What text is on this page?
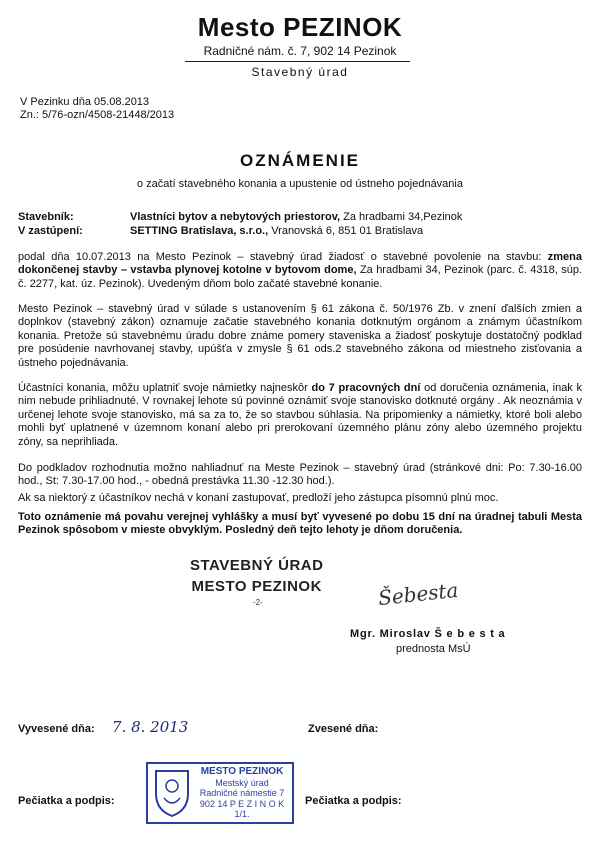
Mesto PEZINOK
Radničné nám. č. 7, 902 14 Pezinok
Stavebný úrad
V Pezinku dňa 05.08.2013
Zn.: 5/76-ozn/4508-21448/2013
OZNÁMENIE
o začatí stavebného konania a upustenie od ústneho pojednávania
Stavebník:	Vlastníci bytov a nebytových priestorov, Za hradbami 34,Pezinok
V zastúpení:	SETTING Bratislava, s.r.o., Vranovská 6, 851 01 Bratislava
podal dňa 10.07.2013 na Mesto Pezinok – stavebný úrad žiadosť o stavebné povolenie na stavbu: zmena dokončenej stavby – vstavba plynovej kotolne v bytovom dome, Za hradbami 34, Pezinok (parc. č. 4318, súp. č. 2277, kat. úz. Pezinok). Uvedeným dňom bolo začaté stavebné konanie.
Mesto Pezinok – stavebný úrad v súlade s ustanovením § 61 zákona č. 50/1976 Zb. v znení ďalších zmien a doplnkov (stavebný zákon) oznamuje začatie stavebného konania dotknutým orgánom a známym účastníkom konania. Pretože sú stavebnému úradu dobre známe pomery staveniska a žiadosť poskytuje dostatočný podklad pre posúdenie navrhovanej stavby, upúšťa v zmysle § 61 ods.2 stavebného zákona od miestneho zisťovania a ústneho pojednávania.
Účastníci konania, môžu uplatniť svoje námietky najneskôr do 7 pracovných dní od doručenia oznámenia, inak k nim nebude prihliadnuté. V rovnakej lehote sú povinné oznámiť svoje stanovisko dotknuté orgány . Ak neoznámia v určenej lehote svoje stanovisko, má sa za to, že so stavbou súhlasia. Na pripomienky a námietky, ktoré boli alebo mohli byť uplatnené v územnom konaní alebo pri prerokovaní územného plánu zóny alebo územného projektu zóny, sa neprihliada.
Do podkladov rozhodnutia možno nahliadnuť na Meste Pezinok – stavebný úrad (stránkové dni: Po: 7.30-16.00 hod., St: 7.30-17.00 hod., - obedná prestávka 11.30 -12.30 hod.).
Ak sa niektorý z účastníkov nechá v konaní zastupovať, predloží jeho zástupca písomnú plnú moc.
Toto oznámenie má povahu verejnej vyhlášky a musí byť vyvesené po dobu 15 dní na úradnej tabuli Mesta Pezinok spôsobom v mieste obvyklým. Posledný deň tejto lehoty je dňom doručenia.
STAVEBNÝ ÚRAD
MESTO PEZINOK
-2-	Šebesta
Mgr. Miroslav Š e b e s t a
prednosta MsÚ
Vyvesené dňa: 7. 8. 2013	Zvesené dňa:
Pečiatka a podpis:	Pečiatka a podpis:
MESTO PEZINOK
Mestský úrad
Radničné námestie 7
902 14 P E Z I N O K
1/1.
